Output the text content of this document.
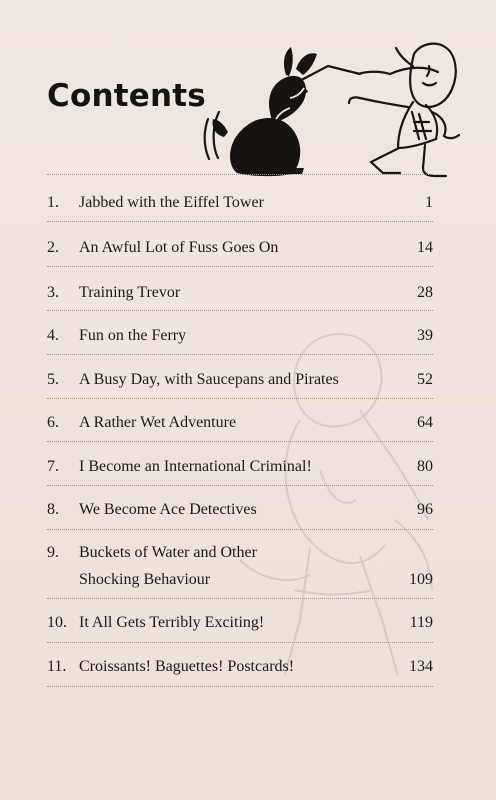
Contents
1. Jabbed with the Eiffel Tower	1
2. An Awful Lot of Fuss Goes On	14
3. Training Trevor	28
4. Fun on the Ferry	39
5. A Busy Day, with Saucepans and Pirates	52
6. A Rather Wet Adventure	64
7. I Become an International Criminal!	80
8. We Become Ace Detectives	96
9. Buckets of Water and Other
Shocking Behaviour	109
10. It All Gets Terribly Exciting!	119
11. Croissants! Baguettes! Postcards!	134
